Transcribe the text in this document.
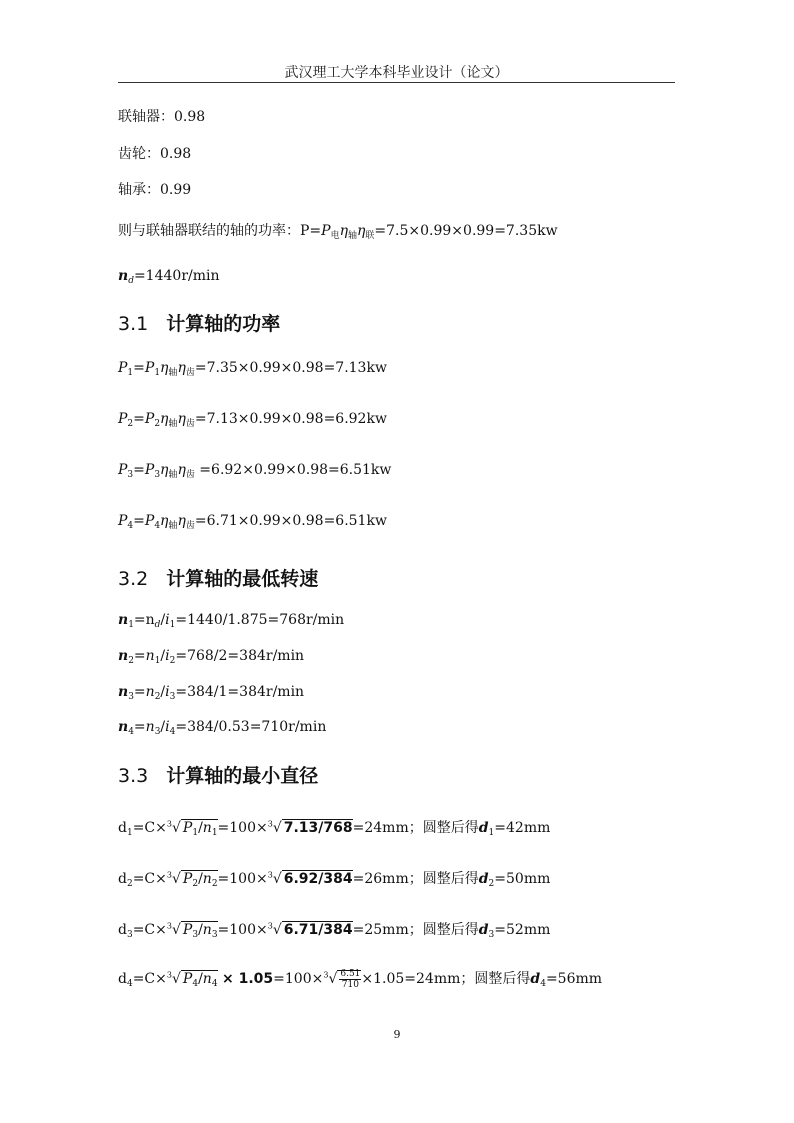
武汉理工大学本科毕业设计（论文）
联轴器：0.98
齿轮：0.98
轴承：0.99
则与联轴器联结的轴的功率：$P=P_电\eta_轴\eta_联=7.5\times 0.99\times 0.99=7.35kw$
$n_d=1440r/\min$
3.1 计算轴的功率
$P_1=P_1\eta_轴\eta_齿=7.35\times 0.99\times 0.98=7.13kw$
$P_2=P_2\eta_轴\eta_齿=7.13\times 0.99\times 0.98=6.92kw$
$P_3=P_3\eta_轴\eta_齿 =6.92\times 0.99\times 0.98=6.51kw$
$P_4=P_4\eta_轴\eta_齿=6.71\times 0.99\times 0.98=6.51kw$
3.2 计算轴的最低转速
$n_1=n_d/i_1=1440/1.875=768r/\min$
$n_2=n_1/i_2=768/2=384r/\min$
$n_3=n_2/i_3=384/1=384r/\min$
$n_4=n_3/i_4=384/0.53=710r/\min$
3.3 计算轴的最小直径
$d_1=C\times^3√$ $P_1/n_1=100\times^3√$ 7.13/768=24mm；圆整后得$d_1=42mm$
$d_2=C\times^3√$ $P_2/n_2=100\times^3√$ 6.92/384=26mm；圆整后得$d_2=50mm$
$d_3=C\times^3√$ $P_3/n_3=100\times^3√$ 6.71/384=25mm；圆整后得$d_3=52mm$
$d_4=C\times^3√$ $P_4/n_4 \times 1.05=100\times^3√ \frac{6.51}{710} \times 1.05=24mm$；圆整后得$d_4=56mm$
9
